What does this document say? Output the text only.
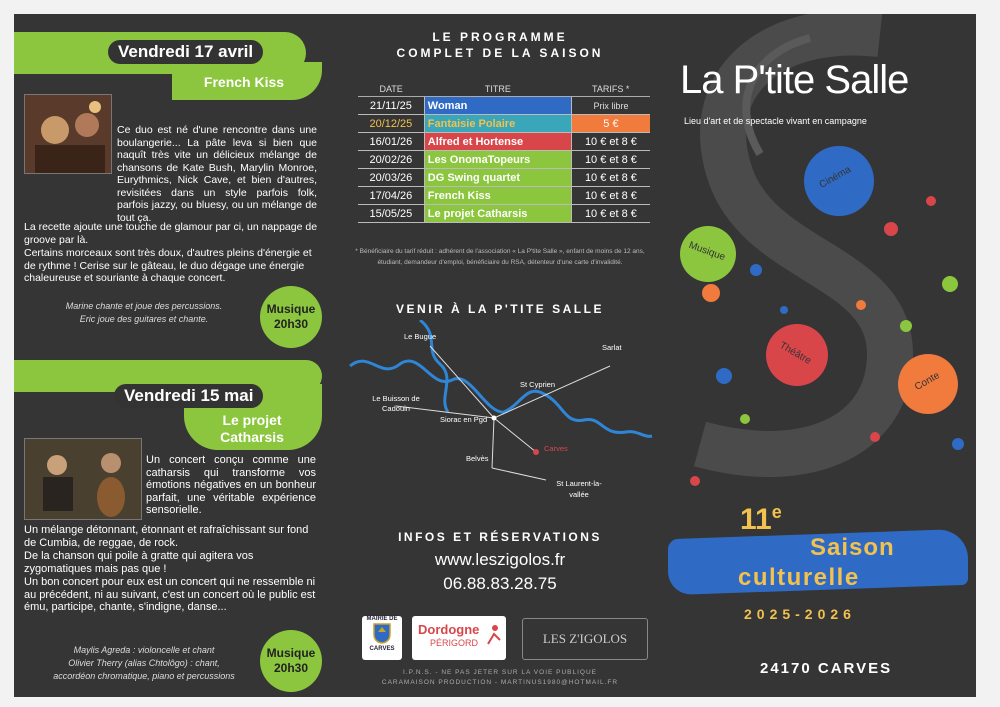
Vendredi 17 avril
French Kiss
Ce duo est né d'une rencontre dans une boulangerie... La pâte leva si bien que naquît très vite un délicieux mélange de chansons de Kate Bush, Marylin Monroe, Eurythmics, Nick Cave, et bien d'autres, revisitées dans un style parfois folk, parfois jazzy, ou bluesy, ou un mélange de tout ça.
La recette ajoute une touche de glamour par ci, un nappage de groove par là.
Certains morceaux sont très doux, d'autres pleins d'énergie et de rythme ! Cerise sur le gâteau, le duo dégage une énergie chaleureuse et souriante à chaque concert.
Marine chante et joue des percussions.
Eric joue des guitares et chante.
Musique
20h30
Vendredi 15 mai
Le projet
Catharsis
Un concert conçu comme une catharsis qui transforme vos émotions négatives en un bonheur parfait, une véritable expérience sensorielle.
Un mélange détonnant, étonnant et rafraîchissant sur fond de Cumbia, de reggae, de rock.
De la chanson qui poile à gratte qui agitera vos zygomatiques mais pas que !
Un bon concert pour eux est un concert qui ne ressemble ni au précédent, ni au suivant, c'est un concert où le public est ému, participe, chante, s'indigne, danse...
Maylis Agreda : violoncelle et chant
Olivier Therry (alias Chtolôgo) : chant,
accordéon chromatique, piano et percussions
Musique
20h30
LE PROGRAMME
COMPLET DE LA SAISON
DATE	TITRE	TARIFS *
21/11/25	Woman	Prix libre
20/12/25	Fantaisie Polaire	5 €
16/01/26	Alfred et Hortense	10 € et 8 €
20/02/26	Les OnomaTopeurs	10 € et 8 €
20/03/26	DG Swing quartet	10 € et 8 €
17/04/26	French Kiss	10 € et 8 €
15/05/25	Le projet Catharsis	10 € et 8 €
* Bénéficiaire du tarif réduit : adhérent de l'association « La P'tite Salle », enfant de moins de 12 ans, étudiant, demandeur d'emploi, bénéficiaire du RSA, détenteur d'une carte d'invalidité.
VENIR À LA P'TITE SALLE
Le Bugue
Sarlat
Le Buisson de Cadouin
St Cyprien
Siorac en Pgd
Carves
Belvès
St Laurent-la-vallée
INFOS ET RÉSERVATIONS
www.leszigolos.fr
06.88.83.28.75
MAIRIE DE
CARVES
Dordogne
PÉRIGORD	LES Z'IGOLOS
I.P.N.S. - NE PAS JETER SUR LA VOIE PUBLIQUE
CARAMAISON PRODUCTION - MARTINUS1980@HOTMAIL.FR
La P'tite Salle
Lieu d'art et de spectacle vivant en campagne
Cinéma
Musique
Théâtre
Conte
11e
Saison
culturelle
2025-2026
24170 CARVES
